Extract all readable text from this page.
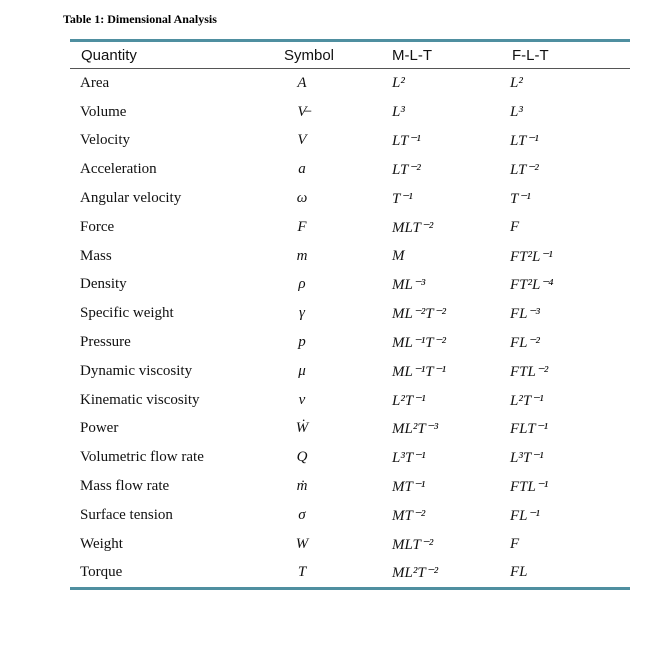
Table 1: Dimensional Analysis
Quantity	Symbol	M-L-T	F-L-T
Area	A	L²	L²
Volume	V̶	L³	L³
Velocity	V	LT⁻¹	LT⁻¹
Acceleration	a	LT⁻²	LT⁻²
Angular velocity	ω	T⁻¹	T⁻¹
Force	F	MLT⁻²	F
Mass	m	M	FT²L⁻¹
Density	ρ	ML⁻³	FT²L⁻⁴
Specific weight	γ	ML⁻²T⁻²	FL⁻³
Pressure	p	ML⁻¹T⁻²	FL⁻²
Dynamic viscosity	μ	ML⁻¹T⁻¹	FTL⁻²
Kinematic viscosity	ν	L²T⁻¹	L²T⁻¹
Power	Ẇ	ML²T⁻³	FLT⁻¹
Volumetric flow rate	Q	L³T⁻¹	L³T⁻¹
Mass flow rate	ṁ	MT⁻¹	FTL⁻¹
Surface tension	σ	MT⁻²	FL⁻¹
Weight	W	MLT⁻²	F
Torque	T	ML²T⁻²	FL
